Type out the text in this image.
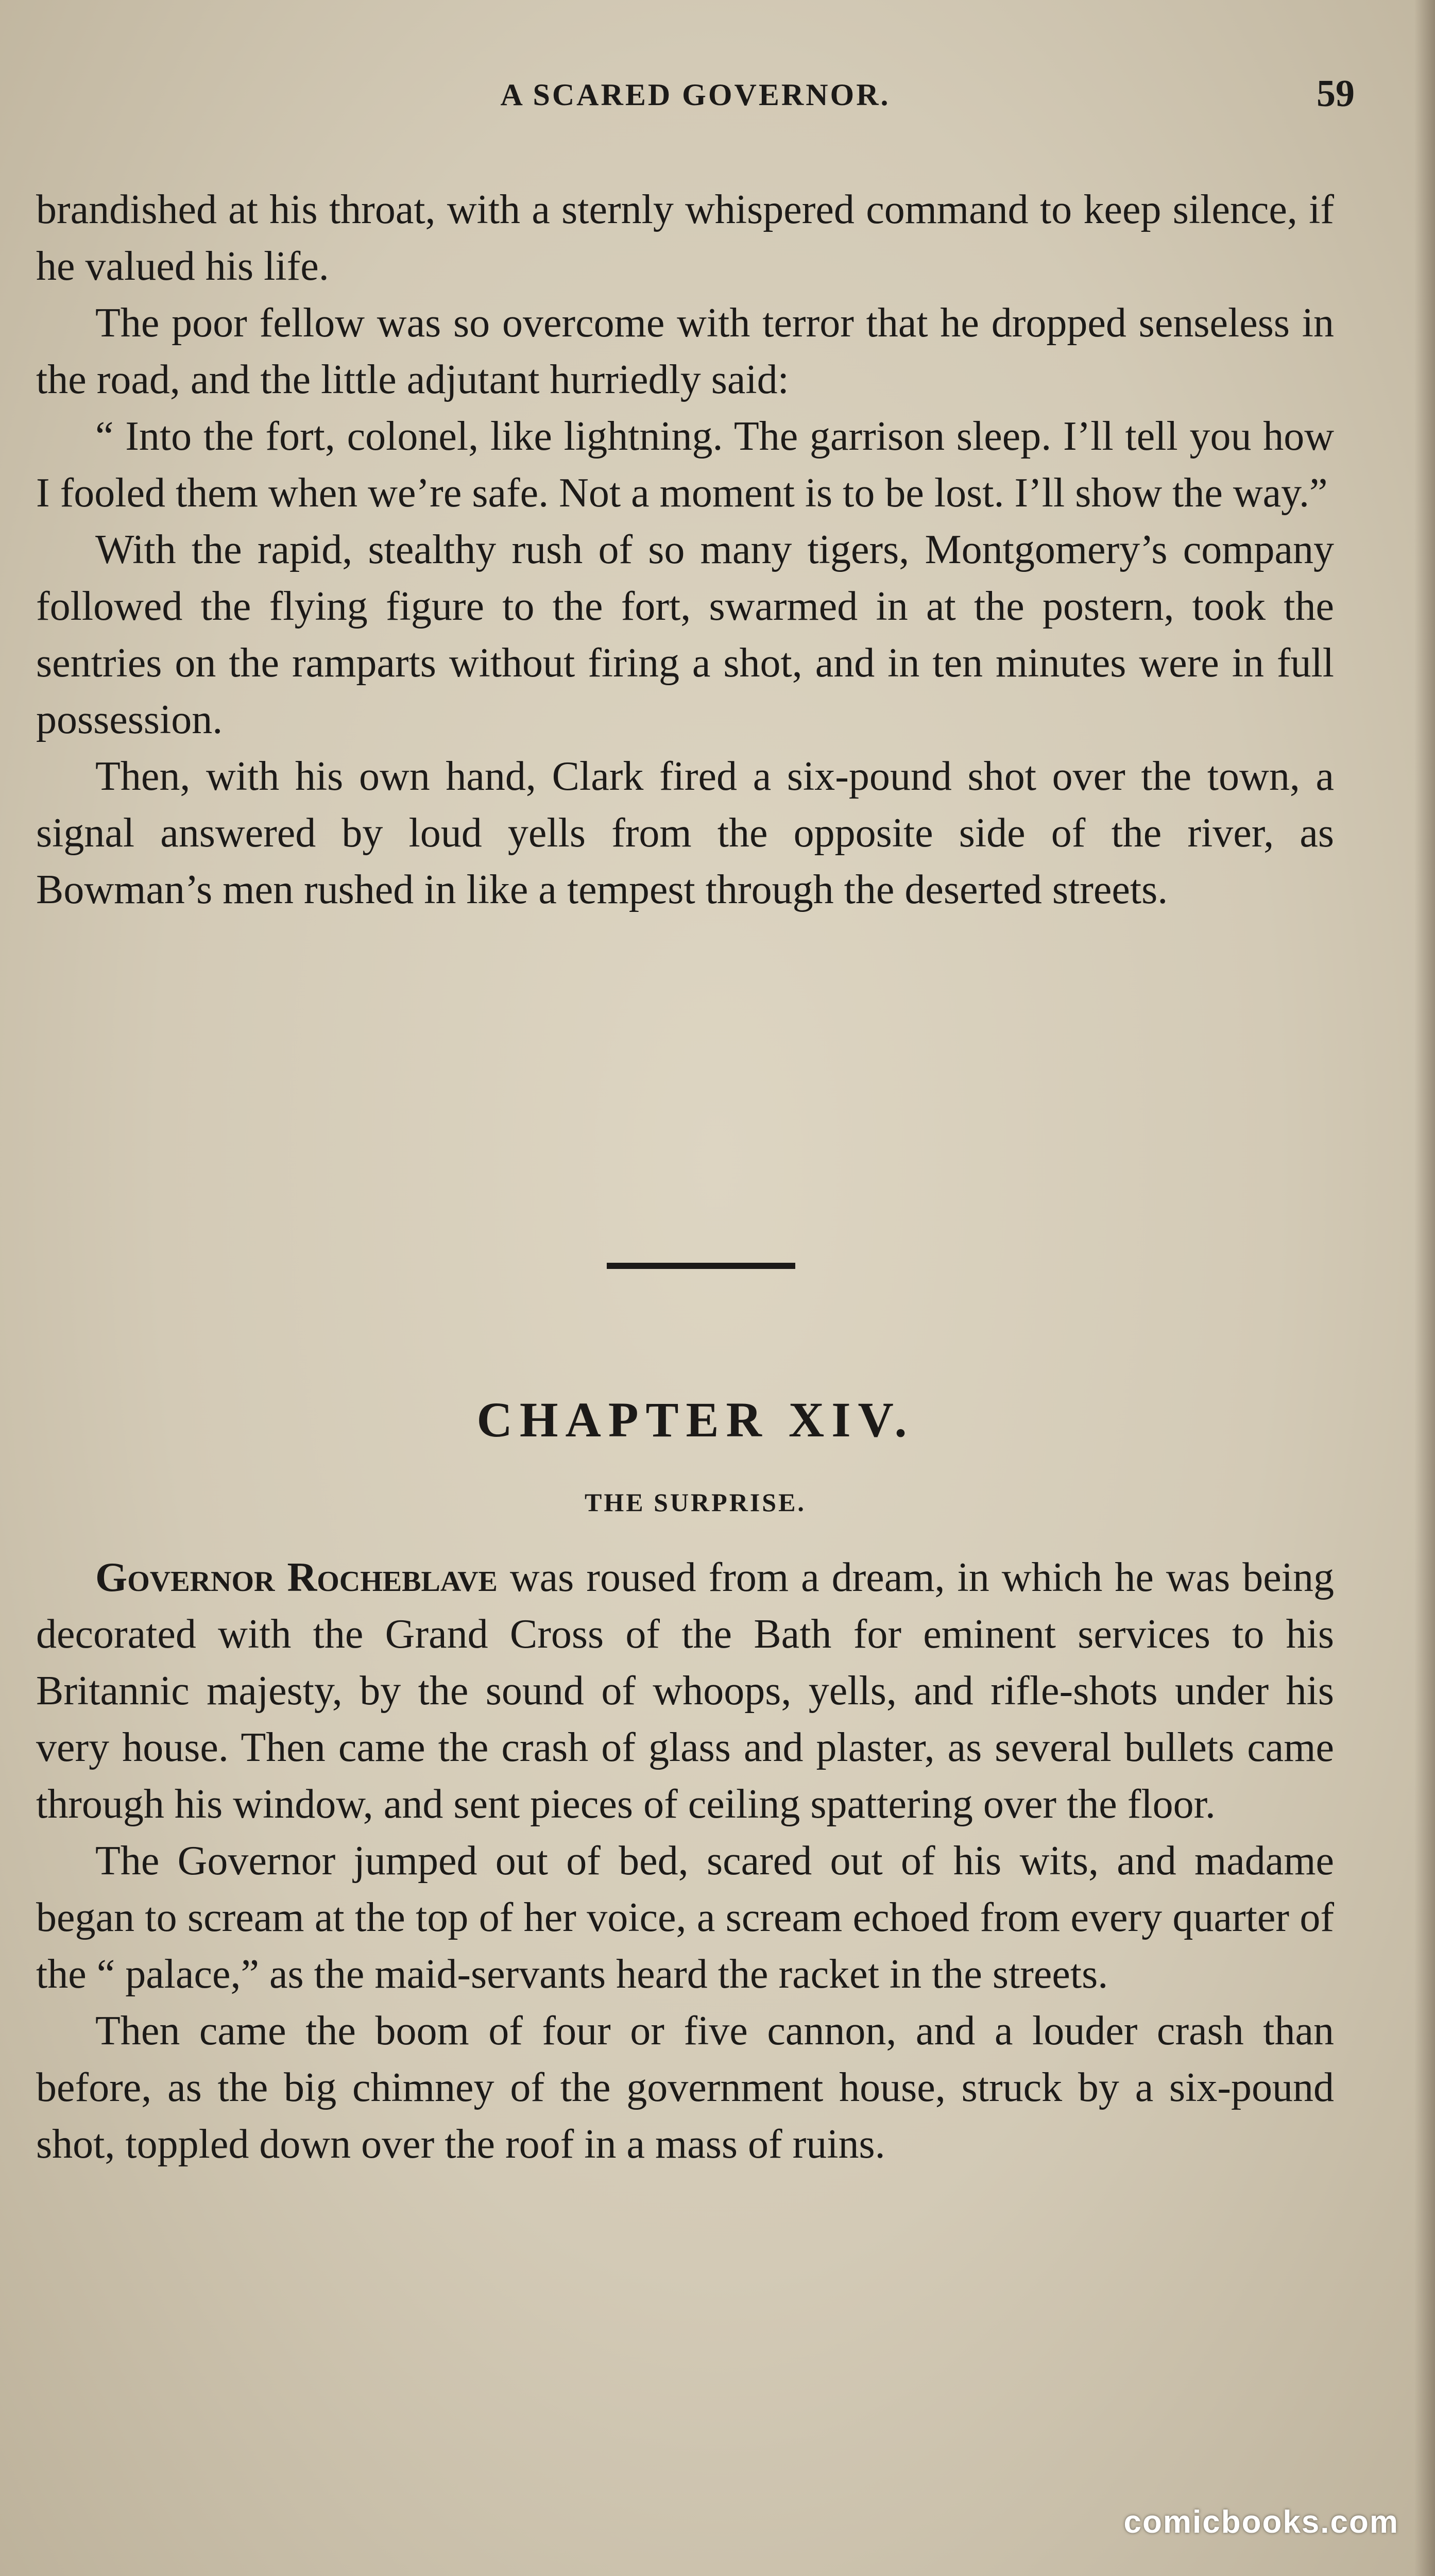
A SCARED GOVERNOR.	59

brandished at his throat, with a sternly whispered command to keep silence, if he valued his life.

The poor fellow was so overcome with terror that he dropped senseless in the road, and the little adjutant hurriedly said:

“ Into the fort, colonel, like lightning. The garrison sleep. I’ll tell you how I fooled them when we’re safe. Not a moment is to be lost. I’ll show the way.”

With the rapid, stealthy rush of so many tigers, Montgomery’s company followed the flying figure to the fort, swarmed in at the postern, took the sentries on the ramparts without firing a shot, and in ten minutes were in full possession.

Then, with his own hand, Clark fired a six-pound shot over the town, a signal answered by loud yells from the opposite side of the river, as Bowman’s men rushed in like a tempest through the deserted streets.

CHAPTER XIV.
THE SURPRISE.

Governor Rocheblave was roused from a dream, in which he was being decorated with the Grand Cross of the Bath for eminent services to his Britannic majesty, by the sound of whoops, yells, and rifle-shots under his very house. Then came the crash of glass and plaster, as several bullets came through his window, and sent pieces of ceiling spattering over the floor.

The Governor jumped out of bed, scared out of his wits, and madame began to scream at the top of her voice, a scream echoed from every quarter of the “ palace,” as the maid-servants heard the racket in the streets.

Then came the boom of four or five cannon, and a louder crash than before, as the big chimney of the government house, struck by a six-pound shot, toppled down over the roof in a mass of ruins.

comicbooks.com
